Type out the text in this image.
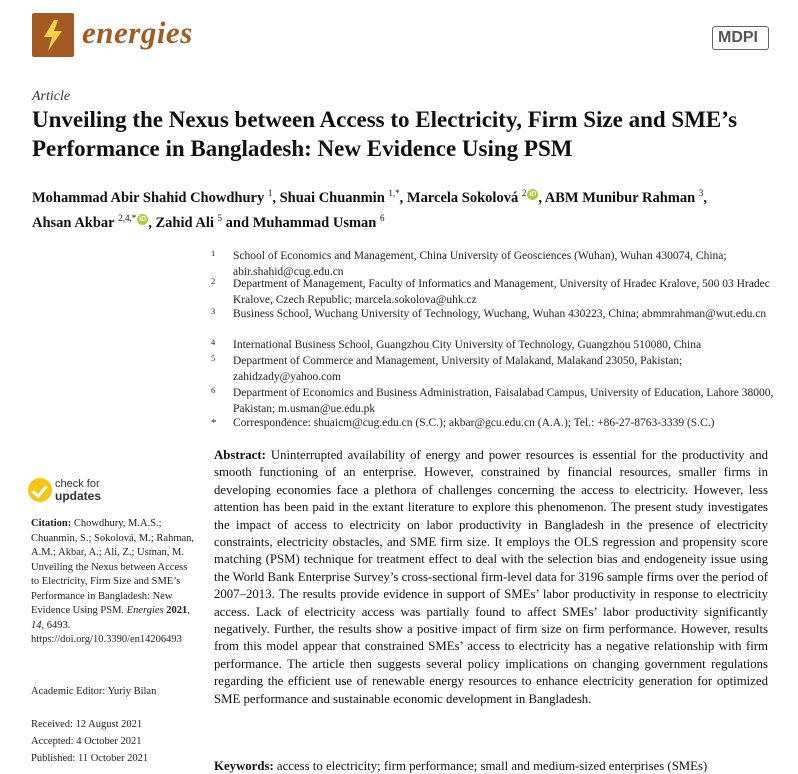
energies	MDPI
Article
Unveiling the Nexus between Access to Electricity, Firm Size and SME’s Performance in Bangladesh: New Evidence Using PSM
Mohammad Abir Shahid Chowdhury $^1$, Shuai Chuanmin $^{1,*}$, Marcela Sokolová $^2$ iD , ABM Munibur Rahman $^3$,
Ahsan Akbar $^{2,4,*}$ iD , Zahid Ali $^5$ and Muhammad Usman $^6$
1 School of Economics and Management, China University of Geosciences (Wuhan), Wuhan 430074, China; abir.shahid@cug.edu.cn
2 Department of Management, Faculty of Informatics and Management, University of Hradec Kralove, 500 03 Hradec Kralove, Czech Republic; marcela.sokolova@uhk.cz
3 Business School, Wuchang University of Technology, Wuchang, Wuhan 430223, China; abmmrahman@wut.edu.cn
4 International Business School, Guangzhou City University of Technology, Guangzhou 510080, China
5 Department of Commerce and Management, University of Malakand, Malakand 23050, Pakistan; zahidzady@yahoo.com
6 Department of Economics and Business Administration, Faisalabad Campus, University of Education, Lahore 38000, Pakistan; m.usman@ue.edu.pk
* Correspondence: shuaicm@cug.edu.cn (S.C.); akbar@gcu.edu.cn (A.A.); Tel.: +86-27-8763-3339 (S.C.)
check for
updates
Citation: Chowdhury, M.A.S.; Chuanmin, S.; Sokolová, M.; Rahman, A.M.; Akbar, A.; Ali, Z.; Usman, M. Unveiling the Nexus between Access to Electricity, Firm Size and SME’s Performance in Bangladesh: New Evidence Using PSM. Energies 2021, 14, 6493. https://doi.org/10.3390/en14206493
Academic Editor: Yuriy Bilan
Received: 12 August 2021
Accepted: 4 October 2021
Published: 11 October 2021
Abstract: Uninterrupted availability of energy and power resources is essential for the productivity and smooth functioning of an enterprise. However, constrained by financial resources, smaller firms in developing economies face a plethora of challenges concerning the access to electricity. However, less attention has been paid in the extant literature to explore this phenomenon. The present study investigates the impact of access to electricity on labor productivity in Bangladesh in the presence of electricity constraints, electricity obstacles, and SME firm size. It employs the OLS regression and propensity score matching (PSM) technique for treatment effect to deal with the selection bias and endogeneity issue using the World Bank Enterprise Survey’s cross-sectional firm-level data for 3196 sample firms over the period of 2007–2013. The results provide evidence in support of SMEs’ labor productivity in response to electricity access. Lack of electricity access was partially found to affect SMEs’ labor productivity significantly negatively. Further, the results show a positive impact of firm size on firm performance. However, results from this model appear that constrained SMEs’ access to electricity has a negative relationship with firm performance. The article then suggests several policy implications on changing government regulations regarding the efficient use of renewable energy resources to enhance electricity generation for optimized SME performance and sustainable economic development in Bangladesh.
Keywords: access to electricity; firm performance; small and medium-sized enterprises (SMEs)
